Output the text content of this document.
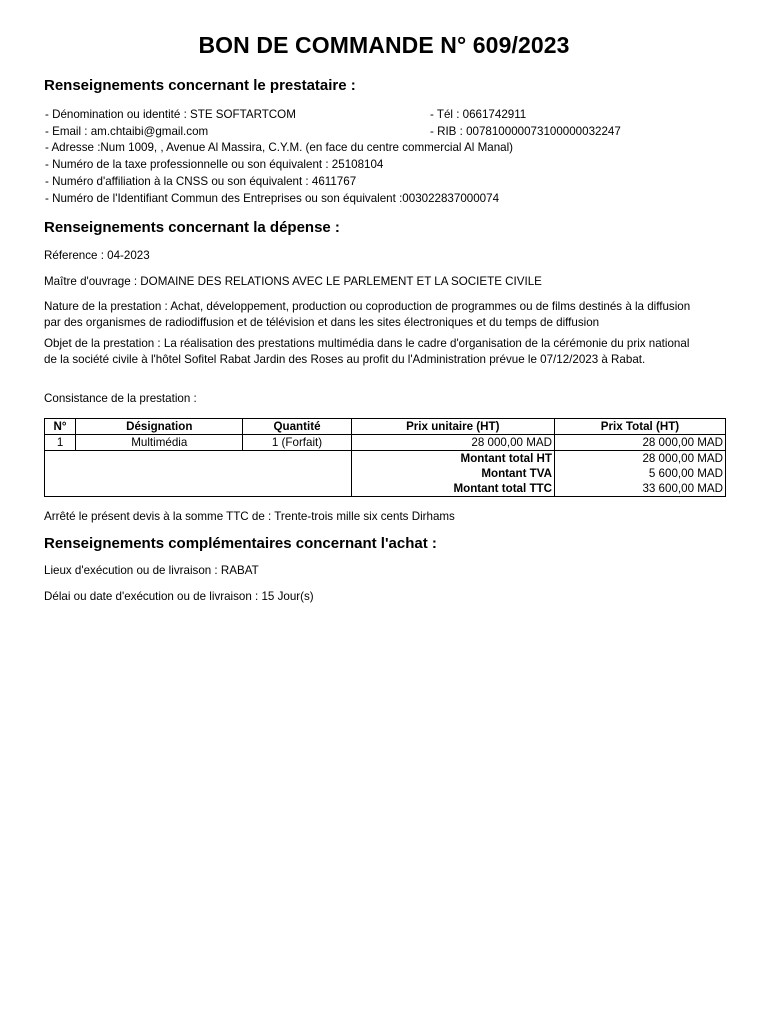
BON DE COMMANDE N° 609/2023
Renseignements concernant le prestataire :
- Dénomination ou identité : STE SOFTARTCOM	- Tél : 0661742911
- Email : am.chtaibi@gmail.com	- RIB : 007810000073100000032247
- Adresse :Num 1009, , Avenue Al Massira, C.Y.M. (en face du centre commercial Al Manal)
- Numéro de la taxe professionnelle ou son équivalent : 25108104
- Numéro d'affiliation à la CNSS ou son équivalent : 4611767
- Numéro de l'Identifiant Commun des Entreprises ou son équivalent :003022837000074
Renseignements concernant la dépense :
Réference : 04-2023
Maître d'ouvrage : DOMAINE DES RELATIONS AVEC LE PARLEMENT ET LA SOCIETE CIVILE
Nature de la prestation : Achat, développement, production ou coproduction de programmes ou de films destinés à la diffusion par des organismes de radiodiffusion et de télévision et dans les sites électroniques et du temps de diffusion
Objet de la prestation : La réalisation des prestations multimédia dans le cadre d'organisation de la cérémonie du prix national de la société civile à l'hôtel Sofitel Rabat Jardin des Roses au profit du l'Administration prévue le 07/12/2023 à Rabat.
Consistance de la prestation :
N°	Désignation	Quantité	Prix unitaire (HT)	Prix Total (HT)
1	Multimédia	1 (Forfait)	28 000,00 MAD	28 000,00 MAD
			Montant total HT	28 000,00 MAD
			Montant TVA	5 600,00 MAD
			Montant total TTC	33 600,00 MAD
Arrêté le présent devis à la somme TTC de : Trente-trois mille six cents Dirhams
Renseignements complémentaires concernant l'achat :
Lieux d'exécution ou de livraison : RABAT
Délai ou date d'exécution ou de livraison : 15 Jour(s)
